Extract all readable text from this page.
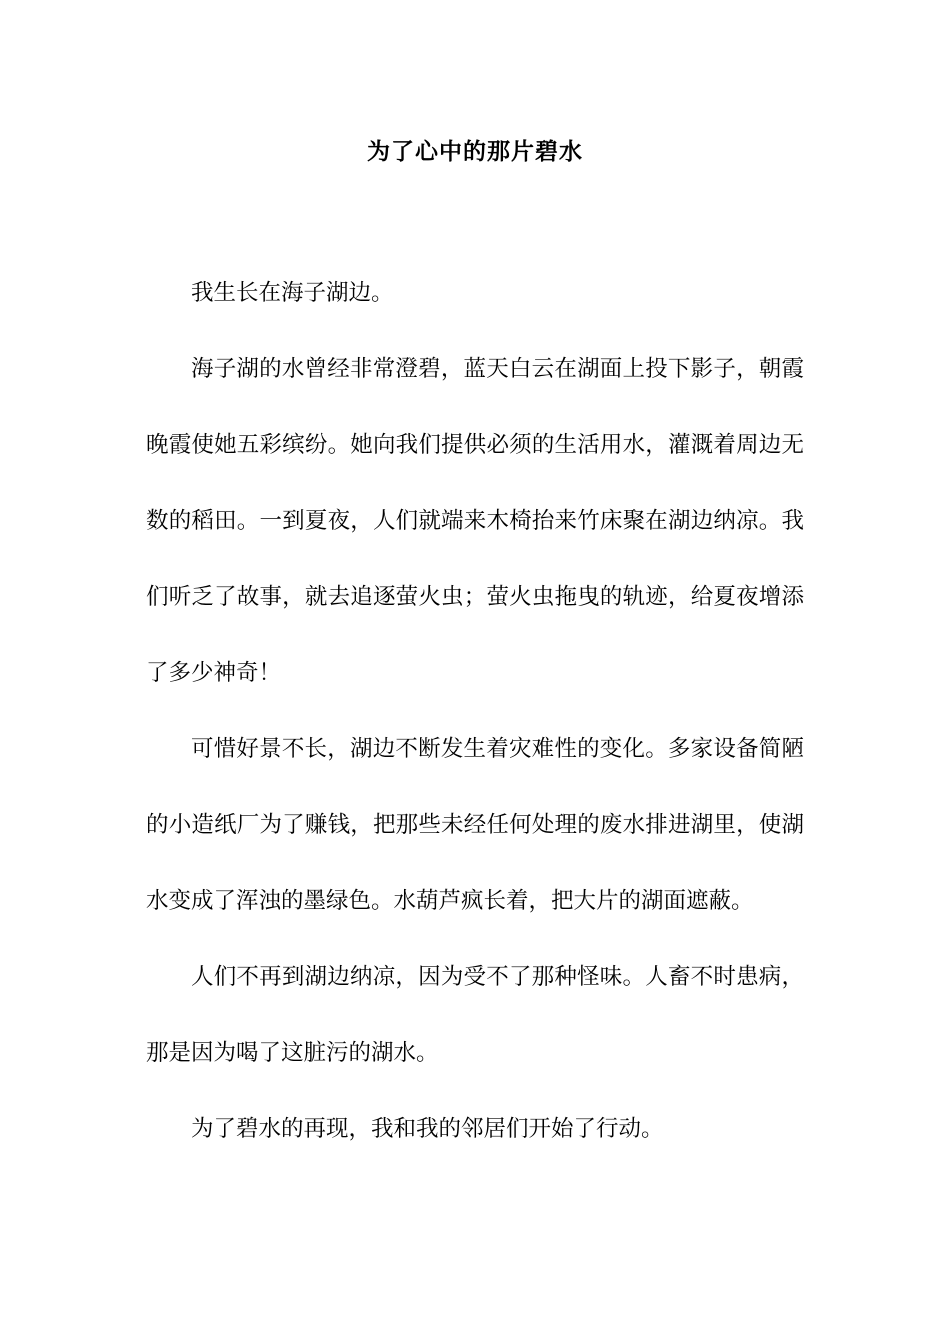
为了心中的那片碧水

我生长在海子湖边。

海子湖的水曾经非常澄碧，蓝天白云在湖面上投下影子，朝霞晚霞使她五彩缤纷。她向我们提供必须的生活用水，灌溉着周边无数的稻田。一到夏夜，人们就端来木椅抬来竹床聚在湖边纳凉。我们听乏了故事，就去追逐萤火虫；萤火虫拖曳的轨迹，给夏夜增添了多少神奇！

可惜好景不长，湖边不断发生着灾难性的变化。多家设备简陋的小造纸厂为了赚钱，把那些未经任何处理的废水排进湖里，使湖水变成了浑浊的墨绿色。水葫芦疯长着，把大片的湖面遮蔽。

人们不再到湖边纳凉，因为受不了那种怪味。人畜不时患病，那是因为喝了这脏污的湖水。

为了碧水的再现，我和我的邻居们开始了行动。
